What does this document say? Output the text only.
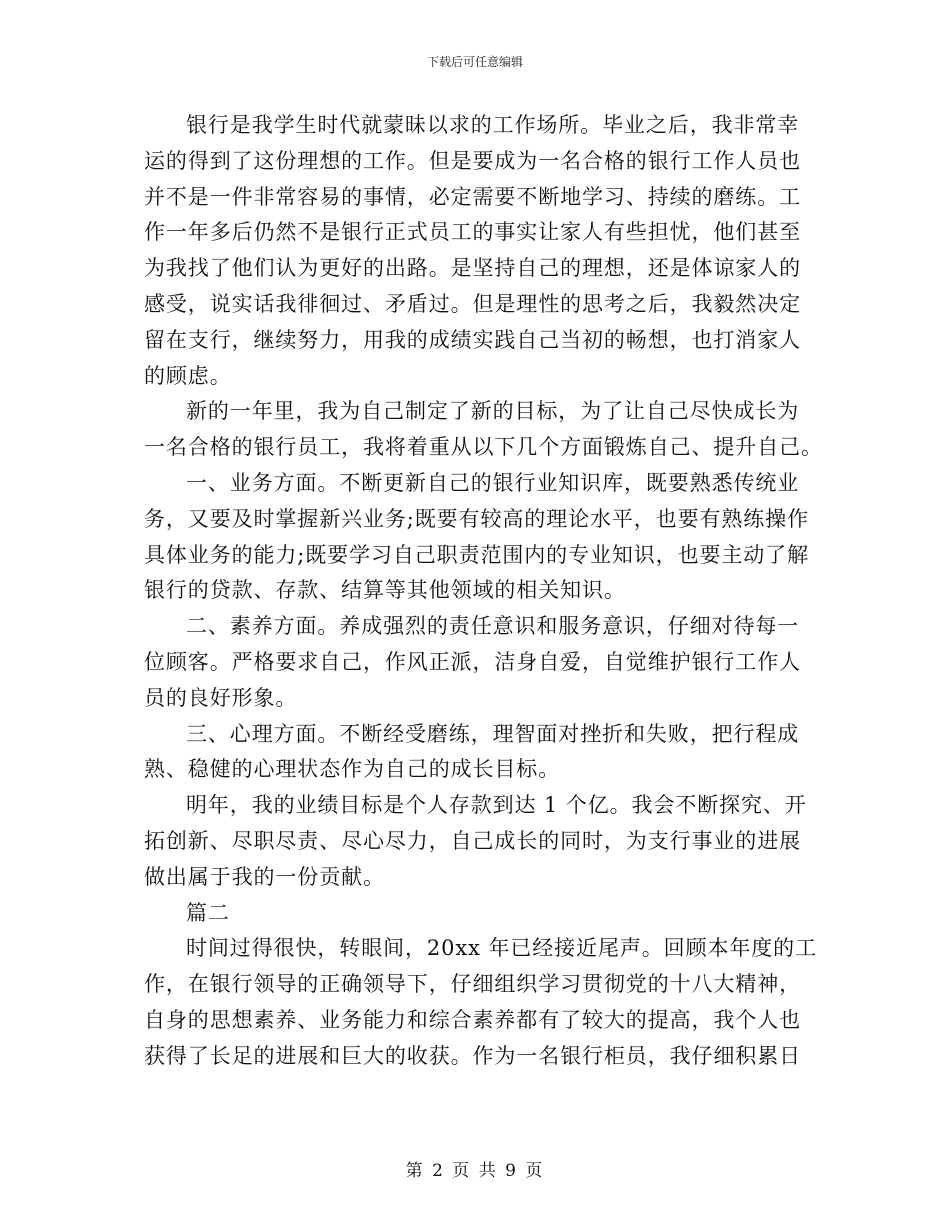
下载后可任意编辑
银行是我学生时代就蒙昧以求的工作场所。毕业之后，我非常幸
运的得到了这份理想的工作。但是要成为一名合格的银行工作人员也
并不是一件非常容易的事情，必定需要不断地学习、持续的磨练。工
作一年多后仍然不是银行正式员工的事实让家人有些担忧，他们甚至
为我找了他们认为更好的出路。是坚持自己的理想，还是体谅家人的
感受，说实话我徘徊过、矛盾过。但是理性的思考之后，我毅然决定
留在支行，继续努力，用我的成绩实践自己当初的畅想，也打消家人
的顾虑。
新的一年里，我为自己制定了新的目标，为了让自己尽快成长为
一名合格的银行员工，我将着重从以下几个方面锻炼自己、提升自己。
一、业务方面。不断更新自己的银行业知识库，既要熟悉传统业
务，又要及时掌握新兴业务;既要有较高的理论水平，也要有熟练操作
具体业务的能力;既要学习自己职责范围内的专业知识，也要主动了解
银行的贷款、存款、结算等其他领域的相关知识。
二、素养方面。养成强烈的责任意识和服务意识，仔细对待每一
位顾客。严格要求自己，作风正派，洁身自爱，自觉维护银行工作人
员的良好形象。
三、心理方面。不断经受磨练，理智面对挫折和失败，把行程成
熟、稳健的心理状态作为自己的成长目标。
明年，我的业绩目标是个人存款到达 1 个亿。我会不断探究、开
拓创新、尽职尽责、尽心尽力，自己成长的同时，为支行事业的进展
做出属于我的一份贡献。
篇二
时间过得很快，转眼间，20xx 年已经接近尾声。回顾本年度的工
作，在银行领导的正确领导下，仔细组织学习贯彻党的十八大精神，
自身的思想素养、业务能力和综合素养都有了较大的提高，我个人也
获得了长足的进展和巨大的收获。作为一名银行柜员，我仔细积累日
第 2 页 共 9 页
